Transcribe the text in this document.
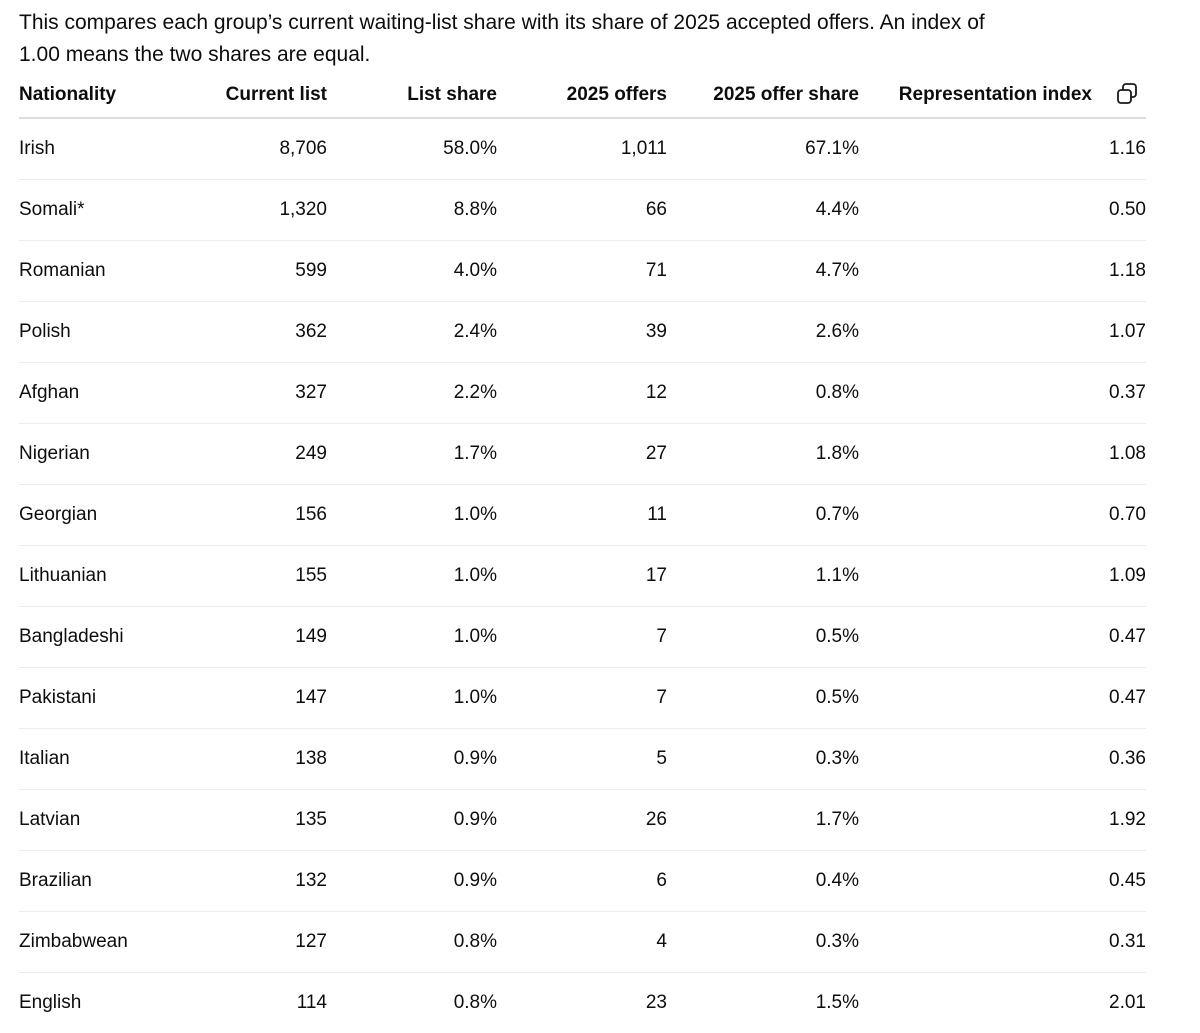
This compares each group’s current waiting-list share with its share of 2025 accepted offers. An index of
1.00 means the two shares are equal.
Nationality	Current list	List share	2025 offers	2025 offer share	Representation index

Irish	8,706	58.0%	1,011	67.1%	1.16
Somali*	1,320	8.8%	66	4.4%	0.50
Romanian	599	4.0%	71	4.7%	1.18
Polish	362	2.4%	39	2.6%	1.07
Afghan	327	2.2%	12	0.8%	0.37
Nigerian	249	1.7%	27	1.8%	1.08
Georgian	156	1.0%	11	0.7%	0.70
Lithuanian	155	1.0%	17	1.1%	1.09
Bangladeshi	149	1.0%	7	0.5%	0.47
Pakistani	147	1.0%	7	0.5%	0.47
Italian	138	0.9%	5	0.3%	0.36
Latvian	135	0.9%	26	1.7%	1.92
Brazilian	132	0.9%	6	0.4%	0.45
Zimbabwean	127	0.8%	4	0.3%	0.31
English	114	0.8%	23	1.5%	2.01
